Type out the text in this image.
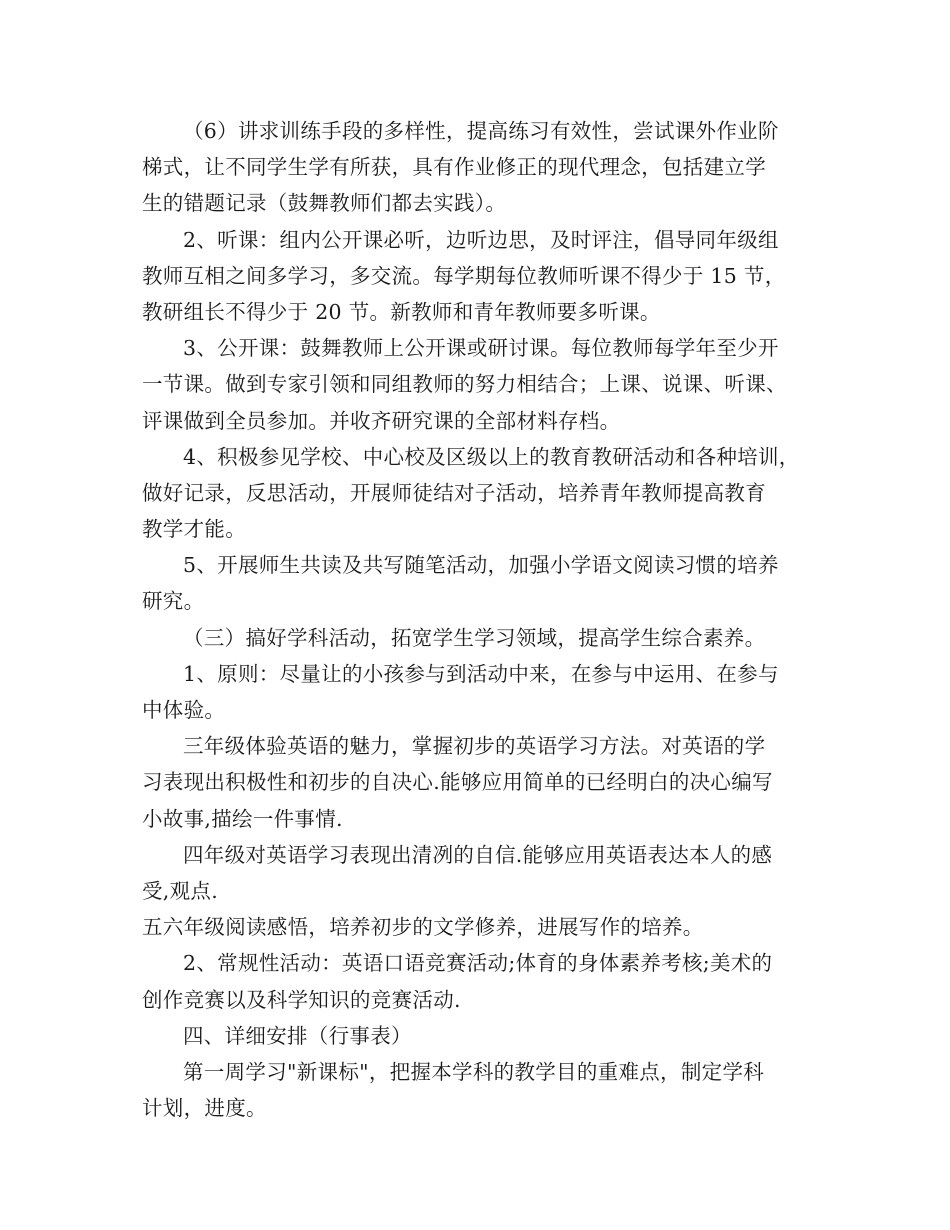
（6）讲求训练手段的多样性，提高练习有效性，尝试课外作业阶
梯式，让不同学生学有所获，具有作业修正的现代理念，包括建立学
生的错题记录（鼓舞教师们都去实践）。
2、听课：组内公开课必听，边听边思，及时评注，倡导同年级组
教师互相之间多学习，多交流。每学期每位教师听课不得少于 15 节，
教研组长不得少于 20 节。新教师和青年教师要多听课。
3、公开课：鼓舞教师上公开课或研讨课。每位教师每学年至少开
一节课。做到专家引领和同组教师的努力相结合；上课、说课、听课、
评课做到全员参加。并收齐研究课的全部材料存档。
4、积极参见学校、中心校及区级以上的教育教研活动和各种培训，
做好记录，反思活动，开展师徒结对子活动，培养青年教师提高教育
教学才能。
5、开展师生共读及共写随笔活动，加强小学语文阅读习惯的培养
研究。
（三）搞好学科活动，拓宽学生学习领域，提高学生综合素养。
1、原则：尽量让的小孩参与到活动中来，在参与中运用、在参与
中体验。
三年级体验英语的魅力，掌握初步的英语学习方法。对英语的学
习表现出积极性和初步的自决心.能够应用简单的已经明白的决心编写
小故事,描绘一件事情.
四年级对英语学习表现出清冽的自信.能够应用英语表达本人的感
受,观点.
五六年级阅读感悟，培养初步的文学修养，进展写作的培养。
2、常规性活动：英语口语竞赛活动;体育的身体素养考核;美术的
创作竞赛以及科学知识的竞赛活动.
四、详细安排（行事表）
第一周学习"新课标"，把握本学科的教学目的重难点，制定学科
计划，进度。
